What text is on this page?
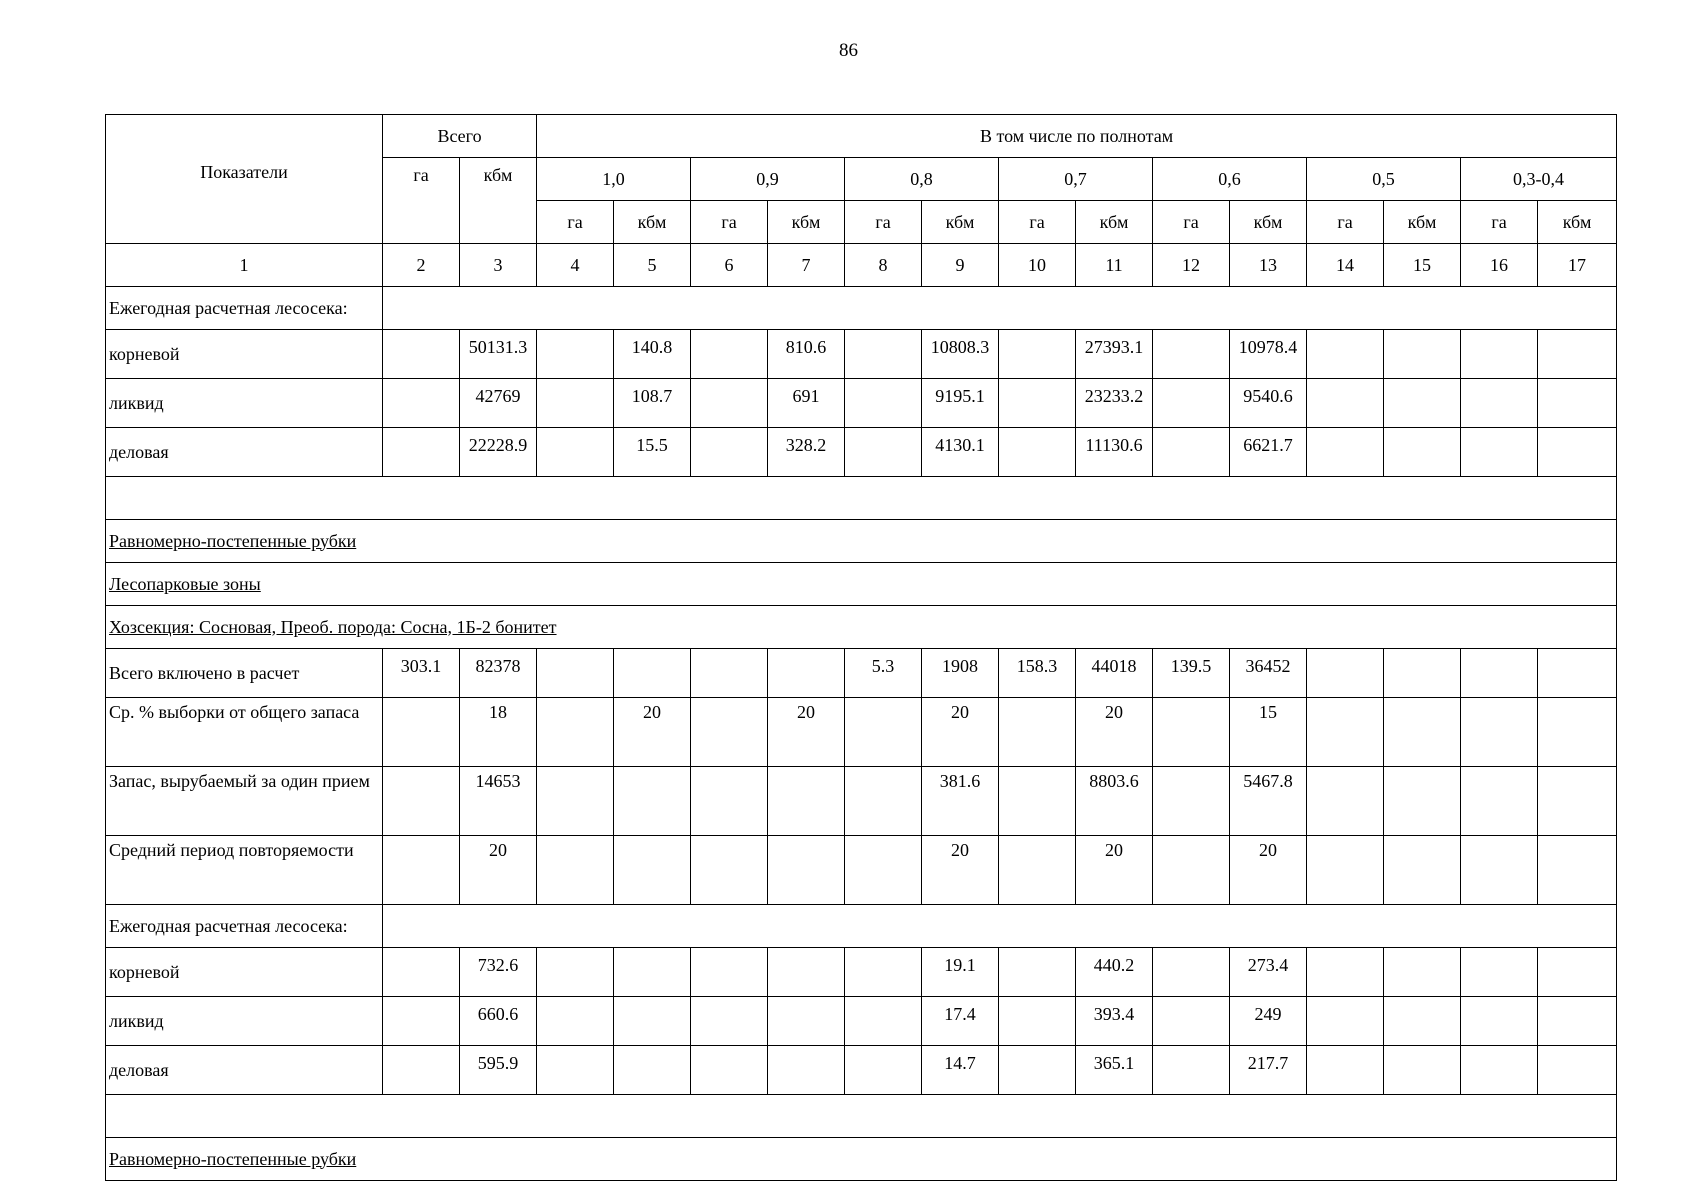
86
Показатели	Всего		В том числе по полнотам													
	га	кбм	1,0		0,9		0,8		0,7		0,6		0,5		0,3-0,4	
			га	кбм	га	кбм	га	кбм	га	кбм	га	кбм	га	кбм	га	кбм
1	2	3	4	5	6	7	8	9	10	11	12	13	14	15	16	17
Ежегодная расчетная лесосека:																
корневой		50131.3		140.8		810.6		10808.3		27393.1		10978.4				
ликвид		42769		108.7		691		9195.1		23233.2		9540.6				
деловая		22228.9		15.5		328.2		4130.1		11130.6		6621.7				

Равномерно-постепенные рубки																
Лесопарковые зоны																
Хозсекция: Сосновая, Преоб. порода: Сосна, 1Б-2 бонитет																
Всего включено в расчет	303.1	82378					5.3	1908	158.3	44018	139.5	36452				
Ср. % выборки от общего запаса		18		20		20		20		20		15				
Запас, вырубаемый за один прием		14653						381.6		8803.6		5467.8				
Средний период повторяемости		20						20		20		20				
Ежегодная расчетная лесосека:																
корневой		732.6						19.1		440.2		273.4				
ликвид		660.6						17.4		393.4		249				
деловая		595.9						14.7		365.1		217.7				

Равномерно-постепенные рубки																
